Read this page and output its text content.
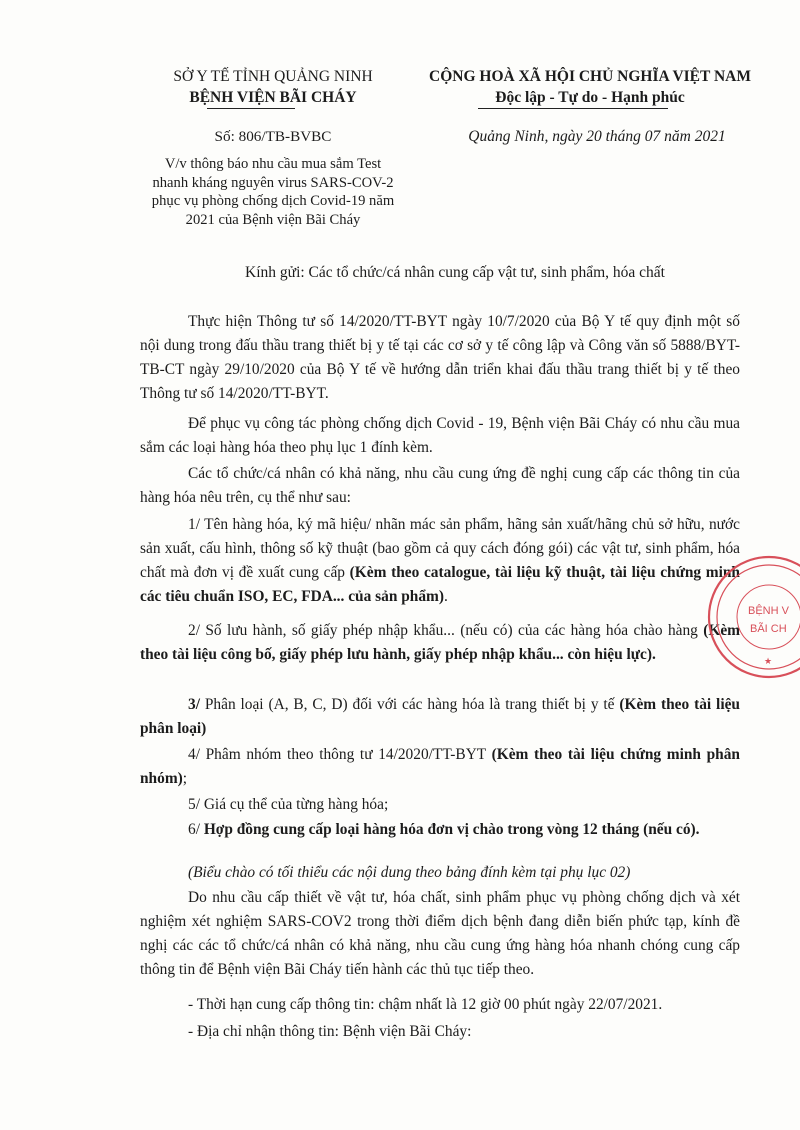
SỞ Y TẾ TỈNH QUẢNG NINH
BỆNH VIỆN BÃI CHÁY
CỘNG HOÀ XÃ HỘI CHỦ NGHĨA VIỆT NAM
Độc lập - Tự do - Hạnh phúc
Số: 806/TB-BVBC	Quảng Ninh, ngày 20 tháng 07 năm 2021
V/v thông báo nhu cầu mua sắm Test
nhanh kháng nguyên virus SARS-COV-2
phục vụ phòng chống dịch Covid-19 năm
2021 của Bệnh viện Bãi Cháy
Kính gửi: Các tổ chức/cá nhân cung cấp vật tư, sinh phẩm, hóa chất
Thực hiện Thông tư số 14/2020/TT-BYT ngày 10/7/2020 của Bộ Y tế quy định một số nội dung trong đấu thầu trang thiết bị y tế tại các cơ sở y tế công lập và Công văn số 5888/BYT-TB-CT ngày 29/10/2020 của Bộ Y tế về hướng dẫn triển khai đấu thầu trang thiết bị y tế theo Thông tư số 14/2020/TT-BYT.
Để phục vụ công tác phòng chống dịch Covid - 19, Bệnh viện Bãi Cháy có nhu cầu mua sắm các loại hàng hóa theo phụ lục 1 đính kèm.
Các tổ chức/cá nhân có khả năng, nhu cầu cung ứng đề nghị cung cấp các thông tin của hàng hóa nêu trên, cụ thể như sau:
1/ Tên hàng hóa, ký mã hiệu/ nhãn mác sản phẩm, hãng sản xuất/hãng chủ sở hữu, nước sản xuất, cấu hình, thông số kỹ thuật (bao gồm cả quy cách đóng gói) các vật tư, sinh phẩm, hóa chất mà đơn vị đề xuất cung cấp (Kèm theo catalogue, tài liệu kỹ thuật, tài liệu chứng minh các tiêu chuẩn ISO, EC, FDA... của sản phẩm).
2/ Số lưu hành, số giấy phép nhập khẩu... (nếu có) của các hàng hóa chào hàng (Kèm theo tài liệu công bố, giấy phép lưu hành, giấy phép nhập khẩu... còn hiệu lực).
3/ Phân loại (A, B, C, D) đối với các hàng hóa là trang thiết bị y tế (Kèm theo tài liệu phân loại)
4/ Phâm nhóm theo thông tư 14/2020/TT-BYT (Kèm theo tài liệu chứng minh phân nhóm);
5/ Giá cụ thể của từng hàng hóa;
6/ Hợp đồng cung cấp loại hàng hóa đơn vị chào trong vòng 12 tháng (nếu có).
(Biểu chào có tối thiểu các nội dung theo bảng đính kèm tại phụ lục 02)
Do nhu cầu cấp thiết về vật tư, hóa chất, sinh phẩm phục vụ phòng chống dịch và xét nghiệm xét nghiệm SARS-COV2 trong thời điểm dịch bệnh đang diễn biến phức tạp, kính đề nghị các các tổ chức/cá nhân có khả năng, nhu cầu cung ứng hàng hóa nhanh chóng cung cấp thông tin để Bệnh viện Bãi Cháy tiến hành các thủ tục tiếp theo.
- Thời hạn cung cấp thông tin: chậm nhất là 12 giờ 00 phút ngày 22/07/2021.
- Địa chỉ nhận thông tin: Bệnh viện Bãi Cháy:
BỆNH V
BÃI CH
★
